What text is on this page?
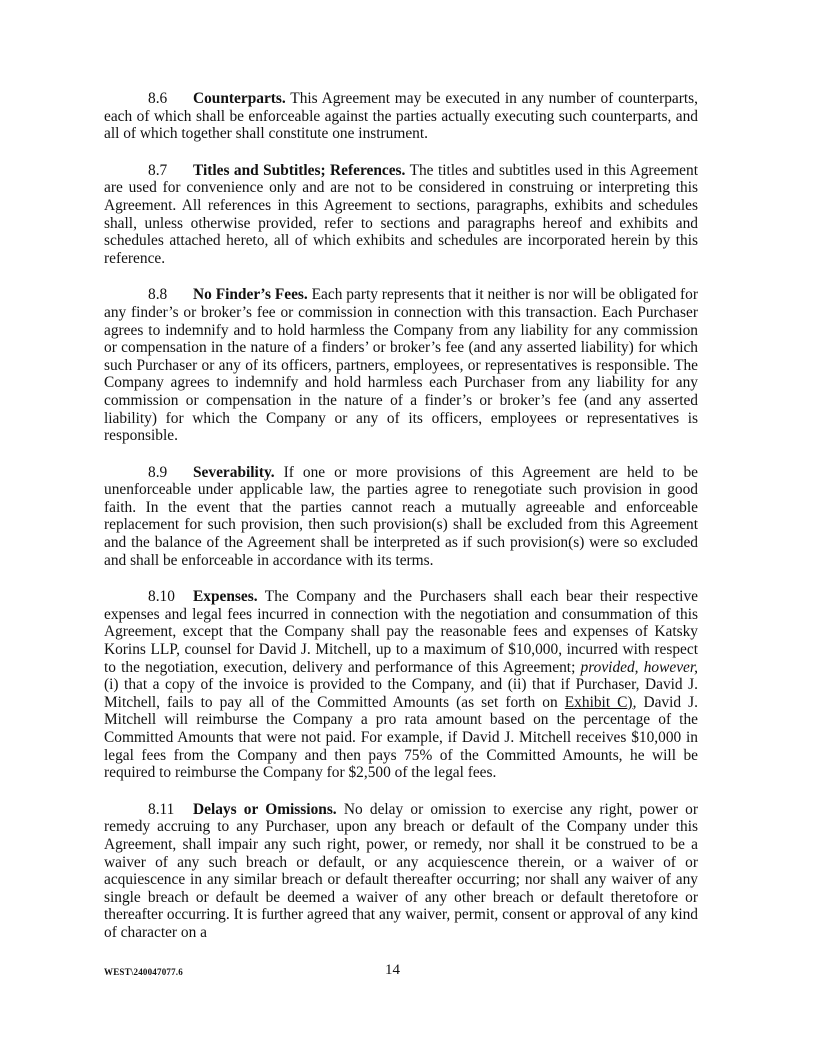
8.6 Counterparts. This Agreement may be executed in any number of counterparts, each of which shall be enforceable against the parties actually executing such counterparts, and all of which together shall constitute one instrument.

8.7 Titles and Subtitles; References. The titles and subtitles used in this Agreement are used for convenience only and are not to be considered in construing or interpreting this Agreement. All references in this Agreement to sections, paragraphs, exhibits and schedules shall, unless otherwise provided, refer to sections and paragraphs hereof and exhibits and schedules attached hereto, all of which exhibits and schedules are incorporated herein by this reference.

8.8 No Finder’s Fees. Each party represents that it neither is nor will be obligated for any finder’s or broker’s fee or commission in connection with this transaction. Each Purchaser agrees to indemnify and to hold harmless the Company from any liability for any commission or compensation in the nature of a finders’ or broker’s fee (and any asserted liability) for which such Purchaser or any of its officers, partners, employees, or representatives is responsible. The Company agrees to indemnify and hold harmless each Purchaser from any liability for any commission or compensation in the nature of a finder’s or broker’s fee (and any asserted liability) for which the Company or any of its officers, employees or representatives is responsible.

8.9 Severability. If one or more provisions of this Agreement are held to be unenforceable under applicable law, the parties agree to renegotiate such provision in good faith. In the event that the parties cannot reach a mutually agreeable and enforceable replacement for such provision, then such provision(s) shall be excluded from this Agreement and the balance of the Agreement shall be interpreted as if such provision(s) were so excluded and shall be enforceable in accordance with its terms.

8.10 Expenses. The Company and the Purchasers shall each bear their respective expenses and legal fees incurred in connection with the negotiation and consummation of this Agreement, except that the Company shall pay the reasonable fees and expenses of Katsky Korins LLP, counsel for David J. Mitchell, up to a maximum of $10,000, incurred with respect to the negotiation, execution, delivery and performance of this Agreement; provided, however, (i) that a copy of the invoice is provided to the Company, and (ii) that if Purchaser, David J. Mitchell, fails to pay all of the Committed Amounts (as set forth on Exhibit C), David J. Mitchell will reimburse the Company a pro rata amount based on the percentage of the Committed Amounts that were not paid. For example, if David J. Mitchell receives $10,000 in legal fees from the Company and then pays 75% of the Committed Amounts, he will be required to reimburse the Company for $2,500 of the legal fees.

8.11 Delays or Omissions. No delay or omission to exercise any right, power or remedy accruing to any Purchaser, upon any breach or default of the Company under this Agreement, shall impair any such right, power, or remedy, nor shall it be construed to be a waiver of any such breach or default, or any acquiescence therein, or a waiver of or acquiescence in any similar breach or default thereafter occurring; nor shall any waiver of any single breach or default be deemed a waiver of any other breach or default theretofore or thereafter occurring. It is further agreed that any waiver, permit, consent or approval of any kind of character on a

WEST\240047077.6	14
